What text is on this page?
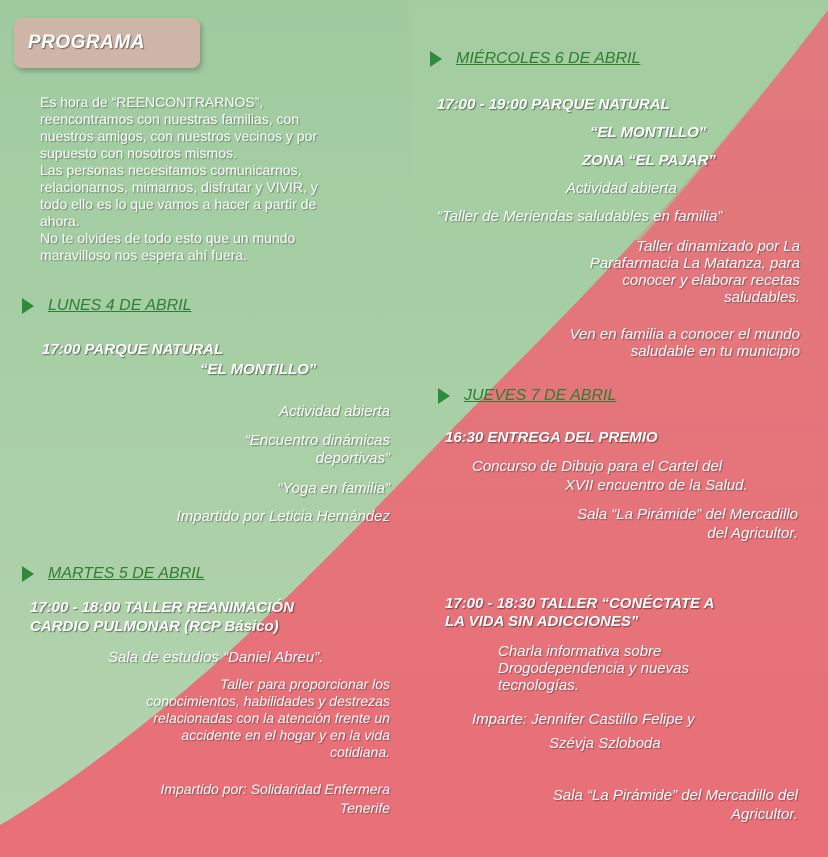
PROGRAMA
Es hora de “REENCONTRARNOS”,
reencontramos con nuestras familias, con
nuestros amigos, con nuestros vecinos y por
supuesto con nosotros mismos.
Las personas necesitamos comunicarnos,
relacionarnos, mimarnos, disfrutar y VIVIR, y
todo ello es lo que vamos a hacer a partir de
ahora.
No te olvides de todo esto que un mundo
maravilloso nos espera ahí fuera.
LUNES 4 DE ABRIL
17:00 PARQUE NATURAL
“EL MONTILLO”
Actividad abierta
“Encuentro dinámicas
deportivas”
“Yoga en familia”
Impartido por Leticia Hernández
MARTES 5 DE ABRIL
17:00 - 18:00 TALLER REANIMACIÓN
CARDIO PULMONAR (RCP Básico)
Sala de estudios “Daniel Abreu”.
Taller para proporcionar los
conocimientos, habilidades y destrezas
relacionadas con la atención frente un
accidente en el hogar y en la vida
cotidiana.
Impartido por: Solidaridad Enfermera
Tenerife
MIÉRCOLES 6 DE ABRIL
17:00 - 19:00 PARQUE NATURAL
“EL MONTILLO”
ZONA “EL PAJAR”
Actividad abierta
“Taller de Meriendas saludables en familia”
Taller dinamizado por La
Parafarmacia La Matanza, para
conocer y elaborar recetas
saludables.
Ven en familia a conocer el mundo
saludable en tu municipio
JUEVES 7 DE ABRIL
16:30 ENTREGA DEL PREMIO
Concurso de Dibujo para el Cartel del
XVII encuentro de la Salud.
Sala “La Pirámide” del Mercadillo
del Agricultor.
17:00 - 18:30 TALLER “CONÉCTATE A
LA VIDA SIN ADICCIONES”
Charla informativa sobre
Drogodependencia y nuevas
tecnologías.
Imparte: Jennifer Castillo Felipe y
Szévja Szloboda
Sala “La Pirámide” del Mercadillo del
Agricultor.
